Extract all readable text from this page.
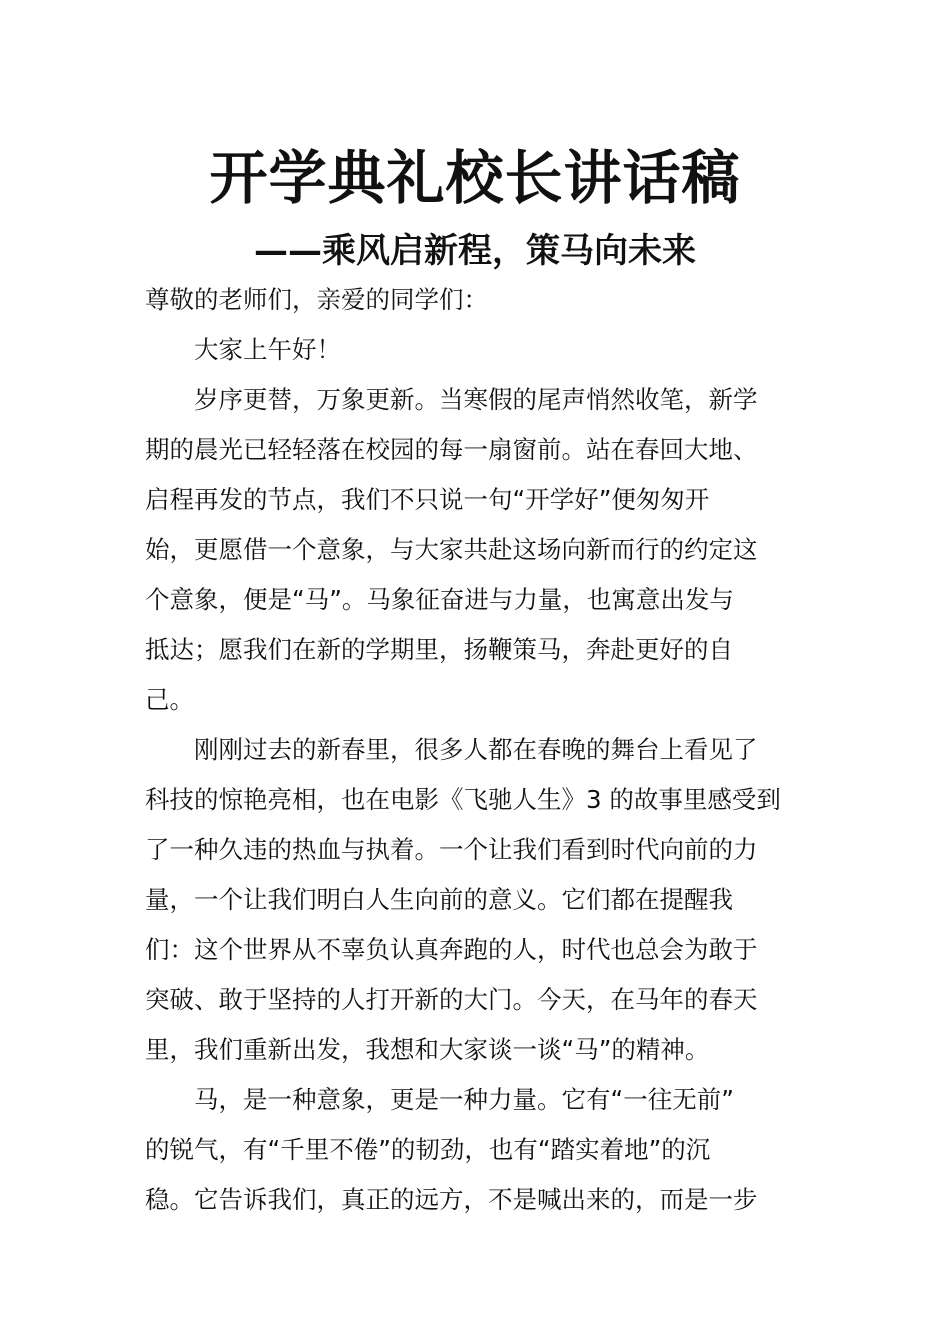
开学典礼校长讲话稿
——乘风启新程，策马向未来

尊敬的老师们，亲爱的同学们：

大家上午好！

岁序更替，万象更新。当寒假的尾声悄然收笔，新学
期的晨光已轻轻落在校园的每一扇窗前。站在春回大地、
启程再发的节点，我们不只说一句“开学好”便匆匆开
始，更愿借一个意象，与大家共赴这场向新而行的约定这
个意象，便是“马”。马象征奋进与力量，也寓意出发与
抵达；愿我们在新的学期里，扬鞭策马，奔赴更好的自
己。

刚刚过去的新春里，很多人都在春晚的舞台上看见了
科技的惊艳亮相，也在电影《飞驰人生》3 的故事里感受到
了一种久违的热血与执着。一个让我们看到时代向前的力
量，一个让我们明白人生向前的意义。它们都在提醒我
们：这个世界从不辜负认真奔跑的人，时代也总会为敢于
突破、敢于坚持的人打开新的大门。今天，在马年的春天
里，我们重新出发，我想和大家谈一谈“马”的精神。

马，是一种意象，更是一种力量。它有“一往无前”
的锐气，有“千里不倦”的韧劲，也有“踏实着地”的沉
稳。它告诉我们，真正的远方，不是喊出来的，而是一步
